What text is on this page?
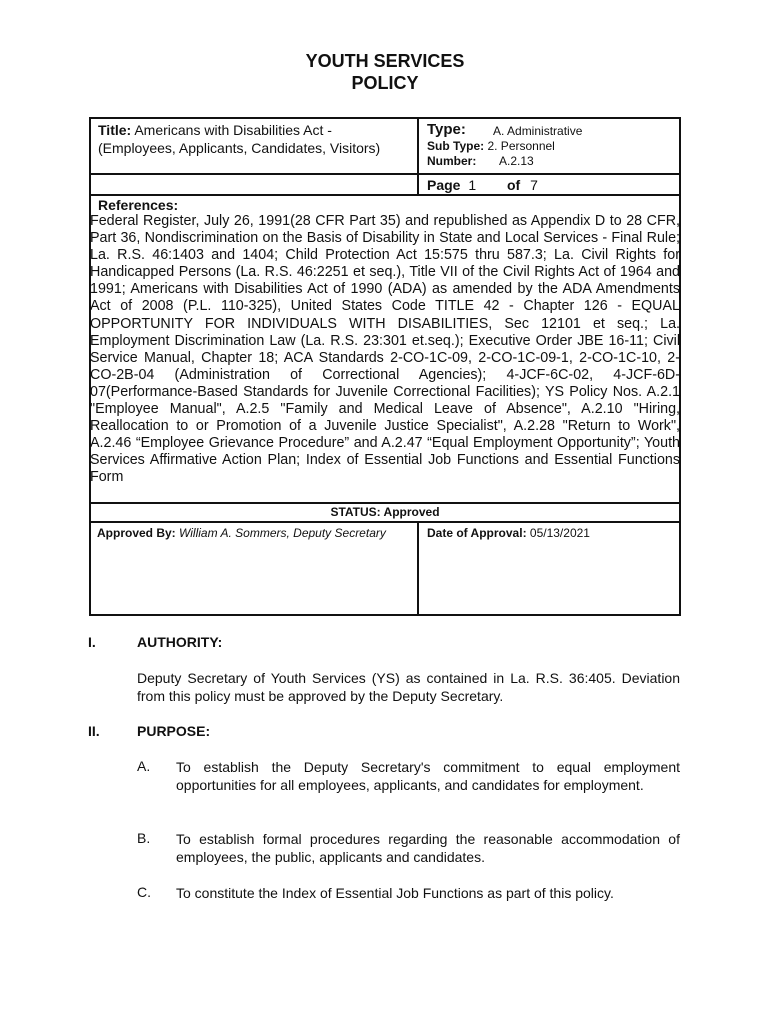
YOUTH SERVICES
POLICY
Title: Americans with Disabilities Act -
(Employees, Applicants, Candidates, Visitors)
Type: A. Administrative
Sub Type: 2. Personnel
Number: A.2.13
Page 1 of 7
References:
Federal Register, July 26, 1991(28 CFR Part 35) and republished as Appendix D to 28 CFR, Part 36, Nondiscrimination on the Basis of Disability in State and Local Services - Final Rule; La. R.S. 46:1403 and 1404; Child Protection Act 15:575 thru 587.3; La. Civil Rights for Handicapped Persons (La. R.S. 46:2251 et seq.), Title VII of the Civil Rights Act of 1964 and 1991; Americans with Disabilities Act of 1990 (ADA) as amended by the ADA Amendments Act of 2008 (P.L. 110-325), United States Code TITLE 42 - Chapter 126 - EQUAL OPPORTUNITY FOR INDIVIDUALS WITH DISABILITIES, Sec 12101 et seq.; La. Employment Discrimination Law (La. R.S. 23:301 et.seq.); Executive Order JBE 16-11; Civil Service Manual, Chapter 18; ACA Standards 2-CO-1C-09, 2-CO-1C-09-1, 2-CO-1C-10, 2-CO-2B-04 (Administration of Correctional Agencies); 4-JCF-6C-02, 4-JCF-6D-07(Performance-Based Standards for Juvenile Correctional Facilities); YS Policy Nos. A.2.1 "Employee Manual", A.2.5 "Family and Medical Leave of Absence", A.2.10 "Hiring, Reallocation to or Promotion of a Juvenile Justice Specialist", A.2.28 "Return to Work", A.2.46 “Employee Grievance Procedure” and A.2.47 “Equal Employment Opportunity”; Youth Services Affirmative Action Plan; Index of Essential Job Functions and Essential Functions Form
STATUS: Approved
Approved By: William A. Sommers, Deputy Secretary	Date of Approval: 05/13/2021
I.	AUTHORITY:
Deputy Secretary of Youth Services (YS) as contained in La. R.S. 36:405. Deviation from this policy must be approved by the Deputy Secretary.
II.	PURPOSE:
A. To establish the Deputy Secretary's commitment to equal employment opportunities for all employees, applicants, and candidates for employment.
B. To establish formal procedures regarding the reasonable accommodation of employees, the public, applicants and candidates.
C. To constitute the Index of Essential Job Functions as part of this policy.
